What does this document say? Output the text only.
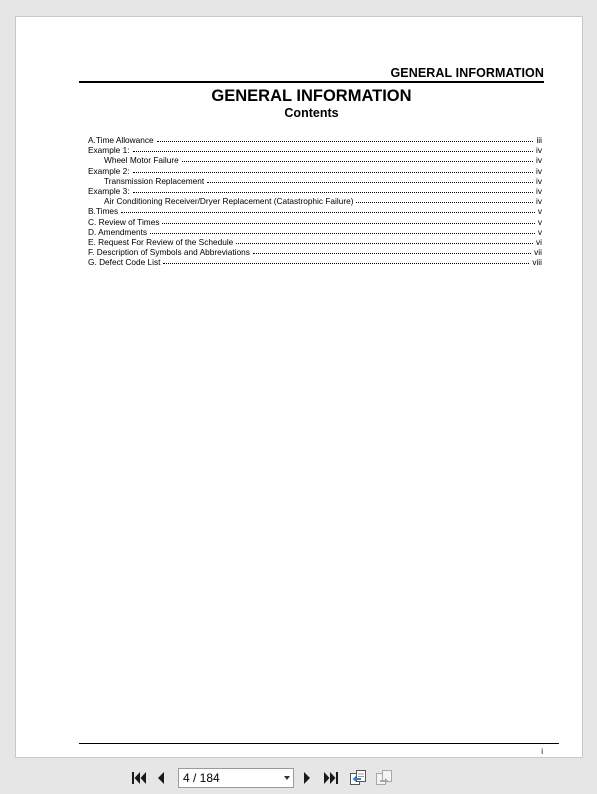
GENERAL INFORMATION
GENERAL INFORMATION
Contents
A.Time Allowance	iii
Example 1:	iv
Wheel Motor Failure	iv
Example 2:	iv
Transmission Replacement	iv
Example 3:	iv
Air Conditioning Receiver/Dryer Replacement (Catastrophic Failure)	iv
B.Times	v
C. Review of Times	v
D. Amendments	v
E. Request For Review of the Schedule	vi
F. Description of Symbols and Abbreviations	vii
G. Defect Code List	viii
i
4 / 184
